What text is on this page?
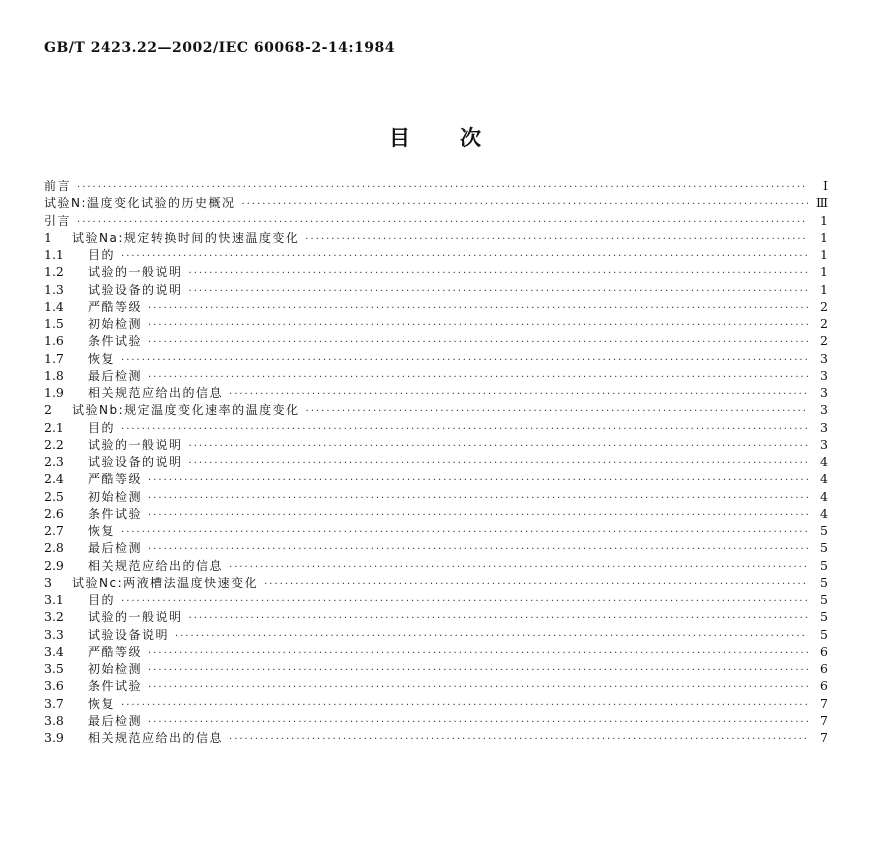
GB/T 2423.22—2002/IEC 60068-2-14:1984
目次
前言 ·····	Ⅰ
试验N:温度变化试验的历史概况 ·····	Ⅲ
引言 ·····	1
1	试验Na:规定转换时间的快速温度变化 ·····	1
1.1	目的 ·····	1
1.2	试验的一般说明 ·····	1
1.3	试验设备的说明 ·····	1
1.4	严酷等级 ·····	2
1.5	初始检测 ·····	2
1.6	条件试验 ·····	2
1.7	恢复 ·····	3
1.8	最后检测 ·····	3
1.9	相关规范应给出的信息 ·····	3
2	试验Nb:规定温度变化速率的温度变化 ·····	3
2.1	目的 ·····	3
2.2	试验的一般说明 ·····	3
2.3	试验设备的说明 ·····	4
2.4	严酷等级 ·····	4
2.5	初始检测 ·····	4
2.6	条件试验 ·····	4
2.7	恢复 ·····	5
2.8	最后检测 ·····	5
2.9	相关规范应给出的信息 ·····	5
3	试验Nc:两液槽法温度快速变化 ·····	5
3.1	目的 ·····	5
3.2	试验的一般说明 ·····	5
3.3	试验设备说明 ·····	5
3.4	严酷等级 ·····	6
3.5	初始检测 ·····	6
3.6	条件试验 ·····	6
3.7	恢复 ·····	7
3.8	最后检测 ·····	7
3.9	相关规范应给出的信息 ·····	7
